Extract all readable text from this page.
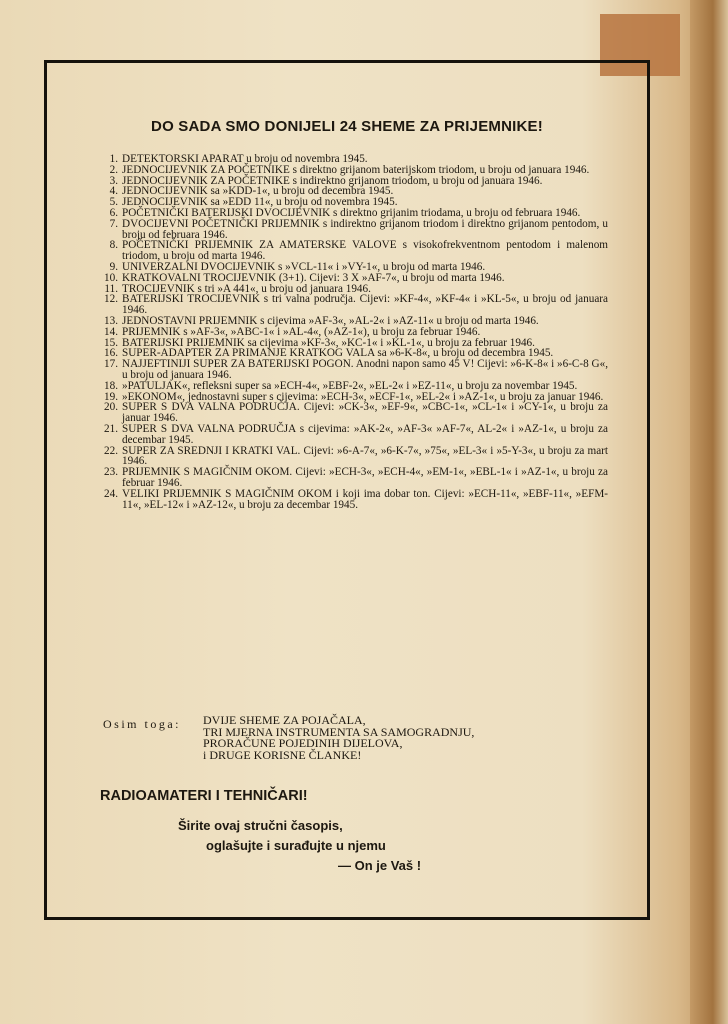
DO SADA SMO DONIJELI 24 SHEME ZA PRIJEMNIKE!
1. DETEKTORSKI APARAT u broju od novembra 1945.
2. JEDNOCIJEVNIK ZA POČETNIKE s direktno grijanom baterijskom triodom, u broju od januara 1946.
3. JEDNOCIJEVNIK ZA POČETNIKE s indirektno grijanom triodom, u broju od januara 1946.
4. JEDNOCIJEVNIK sa »KDD-1«, u broju od decembra 1945.
5. JEDNOCIJEVNIK sa »EDD 11«, u broju od novembra 1945.
6. POČETNIČKI BATERIJSKI DVOCIJEVNIK s direktno grijanim triodama, u broju od februara 1946.
7. DVOCIJEVNI POČETNIČKI PRIJEMNIK s indirektno grijanom triodom i direktno grijanom pentodom, u broju od februara 1946.
8. POČETNIČKI PRIJEMNIK ZA AMATERSKE VALOVE s visokofrekventnom pentodom i malenom triodom, u broju od marta 1946.
9. UNIVERZALNI DVOCIJEVNIK s »VCL-11« i »VY-1«, u broju od marta 1946.
10. KRATKOVALNI TROCIJEVNIK (3+1). Cijevi: 3 X »AF-7«, u broju od marta 1946.
11. TROCIJEVNIK s tri »A 441«, u broju od januara 1946.
12. BATERIJSKI TROCIJEVNIK s tri valna područja. Cijevi: »KF-4«, »KF-4« i »KL-5«, u broju od januara 1946.
13. JEDNOSTAVNI PRIJEMNIK s cijevima »AF-3«, »AL-2« i »AZ-11« u broju od marta 1946.
14. PRIJEMNIK s »AF-3«, »ABC-1« i »AL-4«, (»AZ-1«), u broju za februar 1946.
15. BATERIJSKI PRIJEMNIK sa cijevima »KF-3«, »KC-1« i »KL-1«, u broju za februar 1946.
16. SUPER-ADAPTER ZA PRIMANJE KRATKOG VALA sa »6-K-8«, u broju od decembra 1945.
17. NAJJEFTINIJI SUPER ZA BATERIJSKI POGON. Anodni napon samo 45 V! Cijevi: »6-K-8« i »6-C-8 G«, u broju od januara 1946.
18. »PATULJAK«, refleksni super sa »ECH-4«, »EBF-2«, »EL-2« i »EZ-11«, u broju za novembar 1945.
19. »EKONOM«, jednostavni super s cijevima: »ECH-3«, »ECF-1«, »EL-2« i »AZ-1«, u broju za januar 1946.
20. SUPER S DVA VALNA PODRUČJA. Cijevi: »CK-3«, »EF-9«, »CBC-1«, »CL-1« i »CY-1«, u broju za januar 1946.
21. SUPER S DVA VALNA PODRUČJA s cijevima: »AK-2«, »AF-3« »AF-7«, AL-2« i »AZ-1«, u broju za decembar 1945.
22. SUPER ZA SREDNJI I KRATKI VAL. Cijevi: »6-A-7«, »6-K-7«, »75«, »EL-3« i »5-Y-3«, u broju za mart 1946.
23. PRIJEMNIK S MAGIČNIM OKOM. Cijevi: »ECH-3«, »ECH-4«, »EM-1«, »EBL-1« i »AZ-1«, u broju za februar 1946.
24. VELIKI PRIJEMNIK S MAGIČNIM OKOM i koji ima dobar ton. Cijevi: »ECH-11«, »EBF-11«, »EFM-11«, »EL-12« i »AZ-12«, u broju za decembar 1945.
Osim toga:	DVIJE SHEME ZA POJAČALA,
TRI MJERNA INSTRUMENTA SA SAMOGRADNJU,
PRORAČUNE POJEDINIH DIJELOVA,
i DRUGE KORISNE ČLANKE!
RADIOAMATERI I TEHNIČARI!
Širite ovaj stručni časopis,
oglašujte i surađujte u njemu
— On je Vaš !
